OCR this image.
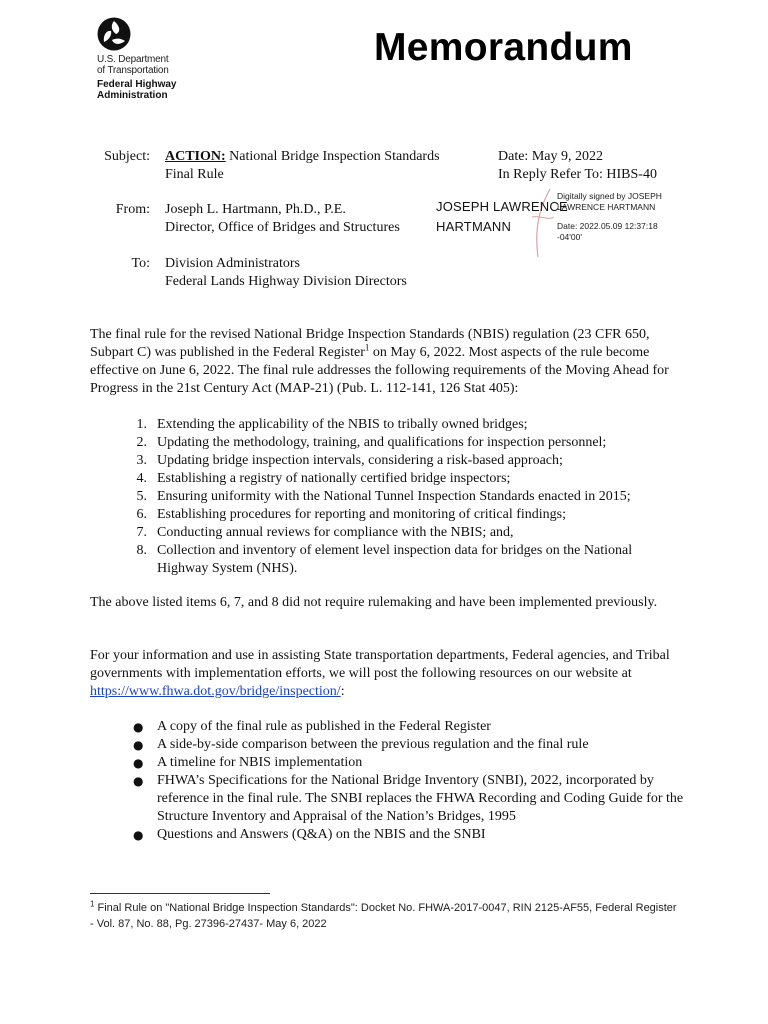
U.S. Department
of Transportation
Federal Highway
Administration
Memorandum
Subject: ACTION: National Bridge Inspection Standards
Final Rule
Date: May 9, 2022
In Reply Refer To: HIBS-40
From: Joseph L. Hartmann, Ph.D., P.E.
Director, Office of Bridges and Structures
JOSEPH LAWRENCE
HARTMANN
Digitally signed by JOSEPH
LAWRENCE HARTMANN
Date: 2022.05.09 12:37:18
-04'00'
To: Division Administrators
Federal Lands Highway Division Directors
The final rule for the revised National Bridge Inspection Standards (NBIS) regulation (23 CFR 650, Subpart C) was published in the Federal Register$^1$ on May 6, 2022. Most aspects of the rule become effective on June 6, 2022. The final rule addresses the following requirements of the Moving Ahead for Progress in the 21st Century Act (MAP-21) (Pub. L. 112-141, 126 Stat 405):
1. Extending the applicability of the NBIS to tribally owned bridges;
2. Updating the methodology, training, and qualifications for inspection personnel;
3. Updating bridge inspection intervals, considering a risk-based approach;
4. Establishing a registry of nationally certified bridge inspectors;
5. Ensuring uniformity with the National Tunnel Inspection Standards enacted in 2015;
6. Establishing procedures for reporting and monitoring of critical findings;
7. Conducting annual reviews for compliance with the NBIS; and,
8. Collection and inventory of element level inspection data for bridges on the National Highway System (NHS).
The above listed items 6, 7, and 8 did not require rulemaking and have been implemented previously.
For your information and use in assisting State transportation departments, Federal agencies, and Tribal governments with implementation efforts, we will post the following resources on our website at https://www.fhwa.dot.gov/bridge/inspection/:
● A copy of the final rule as published in the Federal Register
● A side-by-side comparison between the previous regulation and the final rule
● A timeline for NBIS implementation
● FHWA’s Specifications for the National Bridge Inventory (SNBI), 2022, incorporated by reference in the final rule. The SNBI replaces the FHWA Recording and Coding Guide for the Structure Inventory and Appraisal of the Nation’s Bridges, 1995
● Questions and Answers (Q&A) on the NBIS and the SNBI
$^1$ Final Rule on "National Bridge Inspection Standards": Docket No. FHWA-2017-0047, RIN 2125-AF55, Federal Register - Vol. 87, No. 88, Pg. 27396-27437- May 6, 2022
